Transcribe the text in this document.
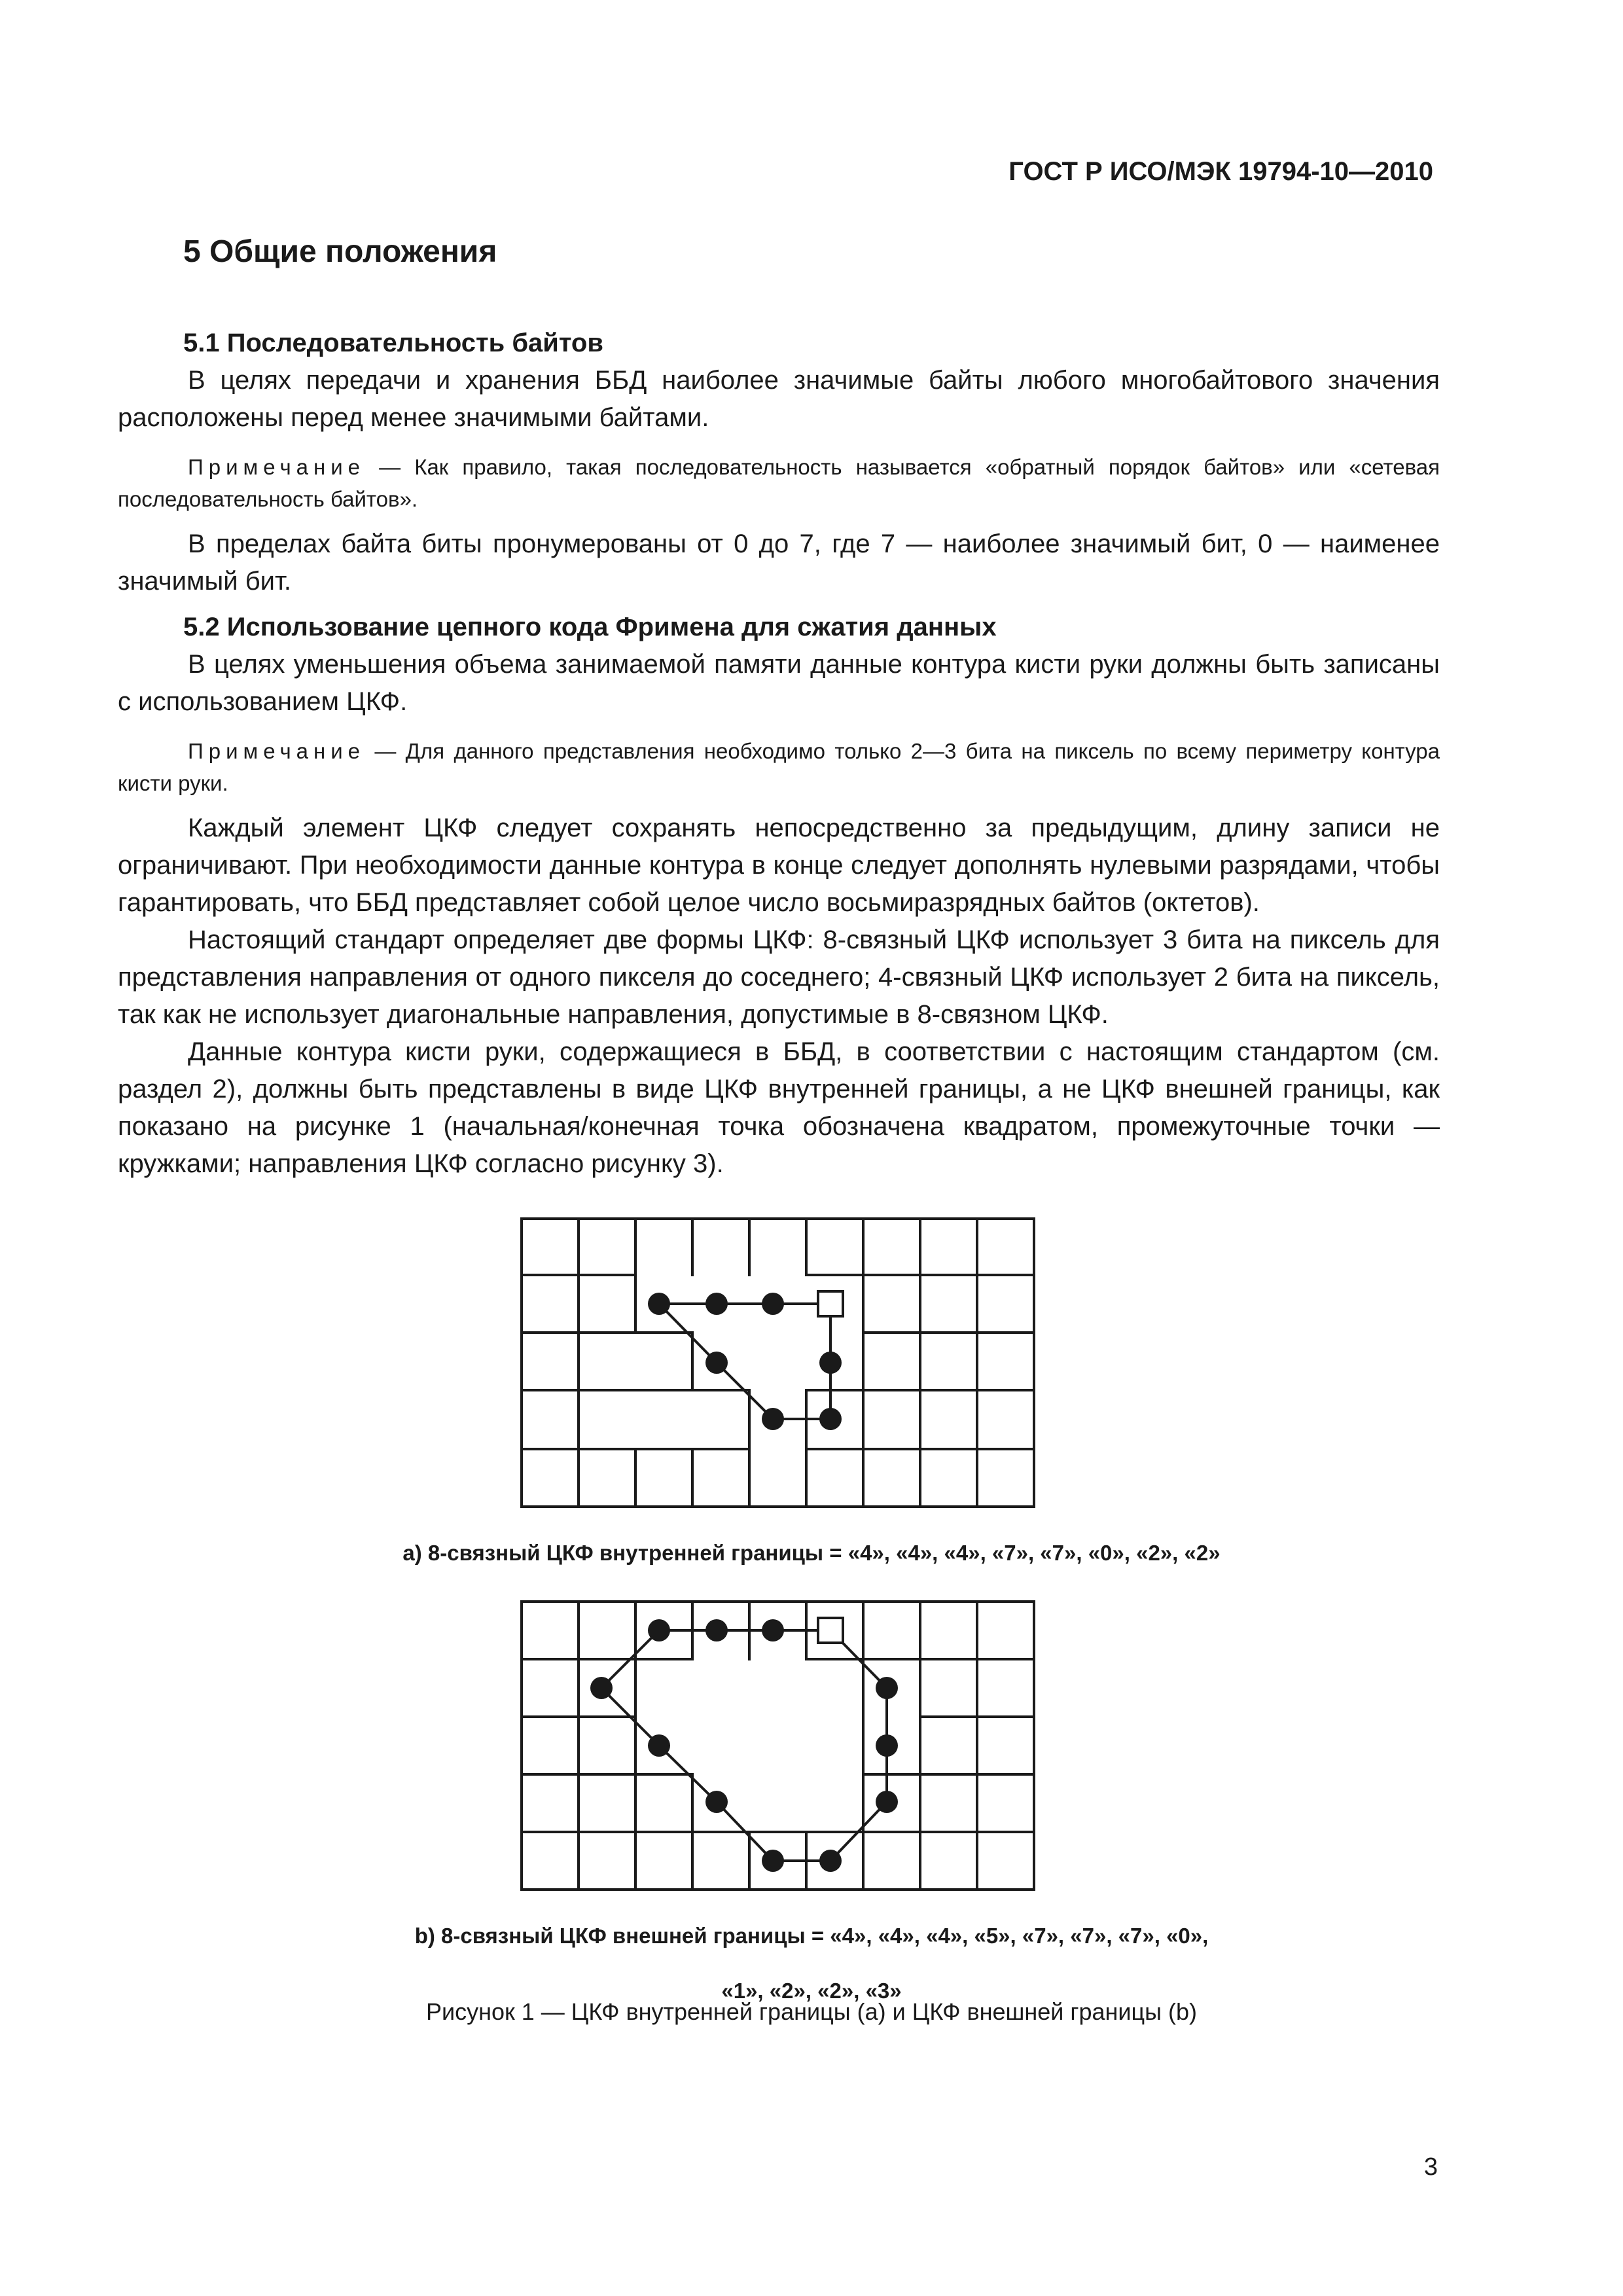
ГОСТ Р ИСО/МЭК 19794-10—2010
5 Общие положения
5.1 Последовательность байтов

В целях передачи и хранения ББД наиболее значимые байты любого многобайтового значения расположены перед менее значимыми байтами.

Примечание — Как правило, такая последовательность называется «обратный порядок байтов» или «сетевая последовательность байтов».

В пределах байта биты пронумерованы от 0 до 7, где 7 — наиболее значимый бит, 0 — наименее значимый бит.

5.2 Использование цепного кода Фримена для сжатия данных

В целях уменьшения объема занимаемой памяти данные контура кисти руки должны быть записаны с использованием ЦКФ.

Примечание — Для данного представления необходимо только 2—3 бита на пиксель по всему периметру контура кисти руки.

Каждый элемент ЦКФ следует сохранять непосредственно за предыдущим, длину записи не ограничивают. При необходимости данные контура в конце следует дополнять нулевыми разрядами, чтобы гарантировать, что ББД представляет собой целое число восьмиразрядных байтов (октетов).

Настоящий стандарт определяет две формы ЦКФ: 8-связный ЦКФ использует 3 бита на пиксель для представления направления от одного пикселя до соседнего; 4-связный ЦКФ использует 2 бита на пиксель, так как не использует диагональные направления, допустимые в 8-связном ЦКФ.

Данные контура кисти руки, содержащиеся в ББД, в соответствии с настоящим стандартом (см. раздел 2), должны быть представлены в виде ЦКФ внутренней границы, а не ЦКФ внешней границы, как показано на рисунке 1 (начальная/конечная точка обозначена квадратом, промежуточные точки — кружками; направления ЦКФ согласно рисунку 3).

a) 8-связный ЦКФ внутренней границы = «4», «4», «4», «7», «7», «0», «2», «2»
b) 8-связный ЦКФ внешней границы = «4», «4», «4», «5», «7», «7», «7», «0»,
«1», «2», «2», «3»
Рисунок 1 — ЦКФ внутренней границы (а) и ЦКФ внешней границы (b)
3
